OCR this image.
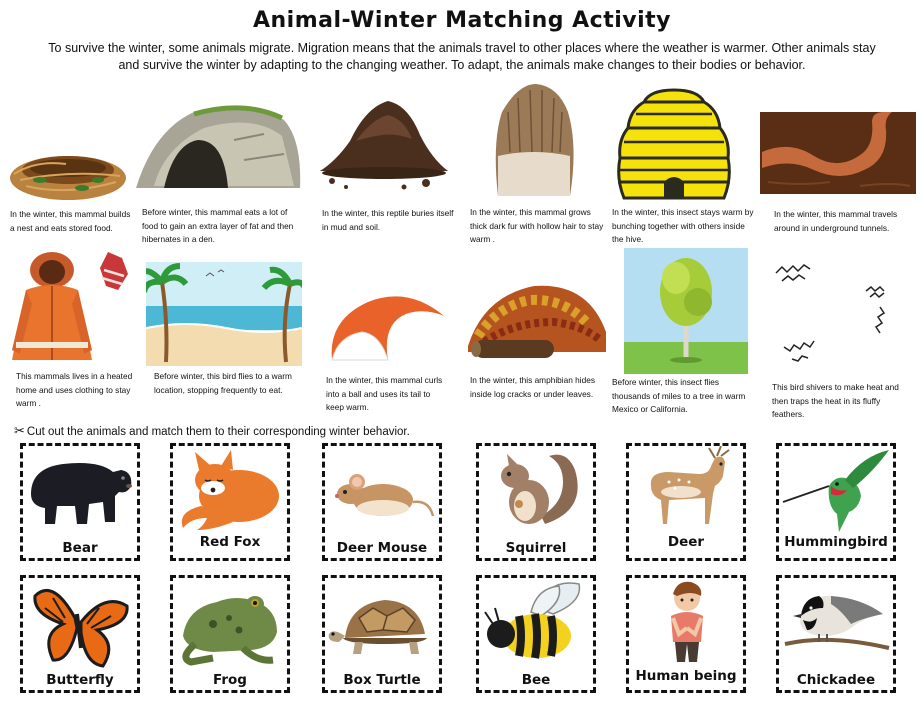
Animal-Winter Matching Activity
To survive the winter, some animals migrate. Migration means that the animals travel to other places where the weather is warmer. Other animals stay
and survive the winter by adapting to the changing weather. To adapt, the animals make changes to their bodies or behavior.
In the winter, this mammal builds a nest and eats stored food.
Before winter, this mammal eats a lot of food to gain an extra layer of fat and then hibernates in a den.
In the winter, this reptile buries itself in mud and soil.
In the winter, this mammal grows thick dark fur with hollow hair to stay warm .
In the winter, this insect stays warm by bunching together with others inside the hive.
In the winter, this mammal travels around in underground tunnels.
This mammals lives in a heated home and uses clothing to stay warm .
Before winter, this bird flies to a warm location, stopping frequently to eat.
In the winter, this mammal curls into a ball and uses its tail to keep warm.
In the winter, this amphibian hides inside log cracks or under leaves.
Before winter, this insect flies thousands of miles to a tree in warm Mexico or California.
This bird shivers to make heat and then traps the heat in its fluffy feathers.
✂ Cut out the animals and match them to their corresponding winter behavior.
Bear	Red Fox	Deer Mouse	Squirrel	Deer	Hummingbird
Butterfly	Frog	Box Turtle	Bee	Human being	Chickadee
